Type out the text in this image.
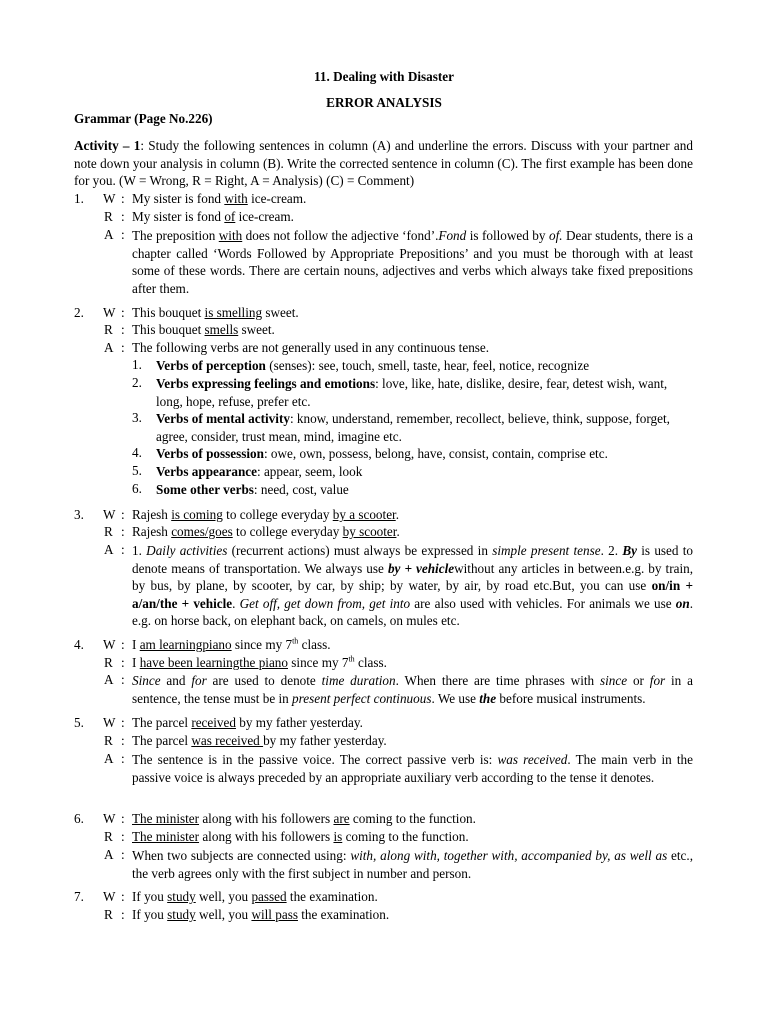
11. Dealing with Disaster
ERROR ANALYSIS
Grammar (Page No.226)
Activity – 1: Study the following sentences in column (A) and underline the errors. Discuss with your partner and note down your analysis in column (B). Write the corrected sentence in column (C). The first example has been done for you. (W = Wrong, R = Right, A = Analysis) (C) = Comment)
1. W : My sister is fond with ice-cream.
R : My sister is fond of ice-cream.
A : The preposition with does not follow the adjective ‘fond’.Fond is followed by of. Dear students, there is a chapter called ‘Words Followed by Appropriate Prepositions’ and you must be thorough with at least some of these words. There are certain nouns, adjectives and verbs which always take fixed prepositions after them.
2. W : This bouquet is smelling sweet.
R : This bouquet smells sweet.
A : The following verbs are not generally used in any continuous tense.
1. Verbs of perception (senses): see, touch, smell, taste, hear, feel, notice, recognize
2. Verbs expressing feelings and emotions: love, like, hate, dislike, desire, fear, detest wish, want, long, hope, refuse, prefer etc.
3. Verbs of mental activity: know, understand, remember, recollect, believe, think, suppose, forget, agree, consider, trust mean, mind, imagine etc.
4. Verbs of possession: owe, own, possess, belong, have, consist, contain, comprise etc.
5. Verbs appearance: appear, seem, look
6. Some other verbs: need, cost, value
3. W : Rajesh is coming to college everyday by a scooter.
R : Rajesh comes/goes to college everyday by scooter.
A : 1. Daily activities (recurrent actions) must always be expressed in simple present tense. 2. By is used to denote means of transportation. We always use by + vehiclewithout any articles in between.e.g. by train, by bus, by plane, by scooter, by car, by ship; by water, by air, by road etc.But, you can use on/in + a/an/the + vehicle. Get off, get down from, get into are also used with vehicles. For animals we use on. e.g. on horse back, on elephant back, on camels, on mules etc.
4. W : I am learningpiano since my 7th class.
R : I have been learningthe piano since my 7th class.
A : Since and for are used to denote time duration. When there are time phrases with since or for in a sentence, the tense must be in present perfect continuous. We use the before musical instruments.
5. W : The parcel received by my father yesterday.
R : The parcel was received by my father yesterday.
A : The sentence is in the passive voice. The correct passive verb is: was received. The main verb in the passive voice is always preceded by an appropriate auxiliary verb according to the tense it denotes.
6. W : The minister along with his followers are coming to the function.
R : The minister along with his followers is coming to the function.
A : When two subjects are connected using: with, along with, together with, accompanied by, as well as etc., the verb agrees only with the first subject in number and person.
7. W : If you study well, you passed the examination.
R : If you study well, you will pass the examination.
